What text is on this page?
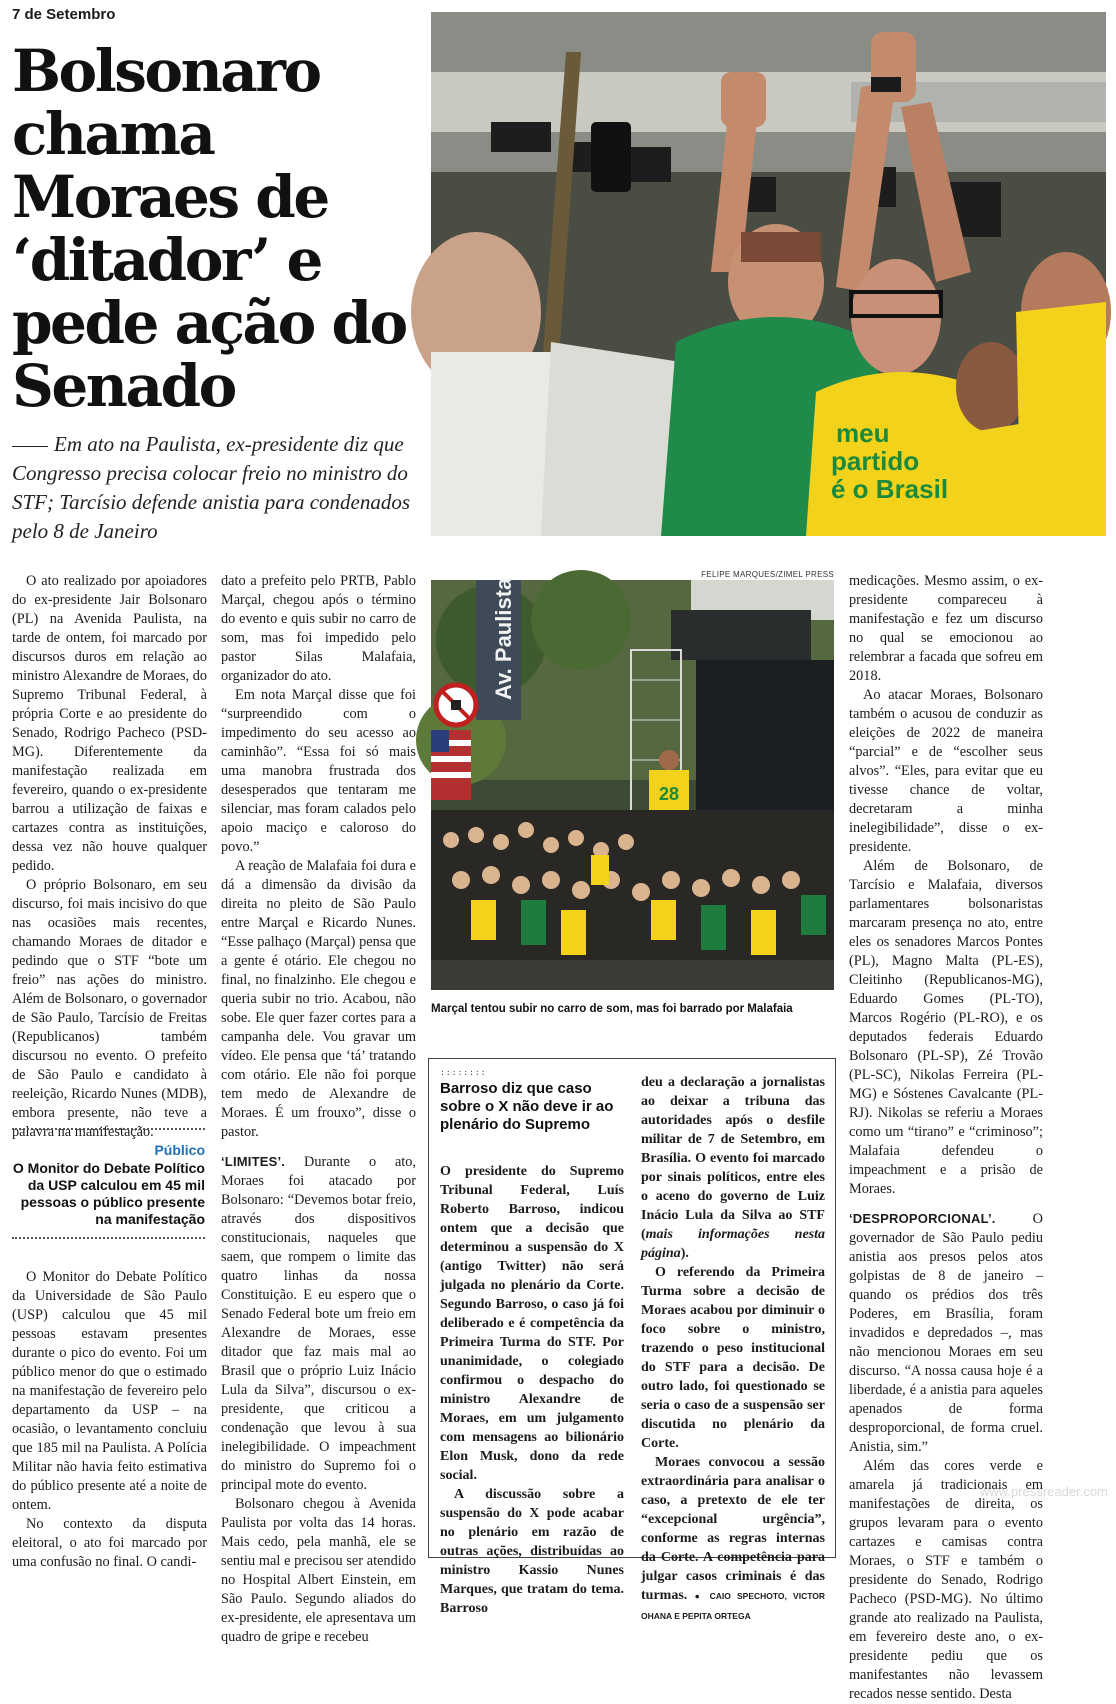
7 de Setembro
Bolsonaro chama Moraes de ‘ditador’ e pede ação do Senado
Em ato na Paulista, ex-presidente diz que Congresso precisa colocar freio no ministro do STF; Tarcísio defende anistia para condenados pelo 8 de Janeiro
meu
partido
é o Brasil
FELIPE MARQUES/ZIMEL PRESS
Av. Paulista
28
Marçal tentou subir no carro de som, mas foi barrado por Malafaia

O ato realizado por apoiadores do ex-presidente Jair Bolsonaro (PL) na Avenida Paulista, na tarde de ontem, foi marcado por discursos duros em relação ao ministro Alexandre de Moraes, do Supremo Tribunal Federal, à própria Corte e ao presidente do Senado, Rodrigo Pacheco (PSD-MG). Diferentemente da manifestação realizada em fevereiro, quando o ex-presidente barrou a utilização de faixas e cartazes contra as instituições, dessa vez não houve qualquer pedido.

O próprio Bolsonaro, em seu discurso, foi mais incisivo do que nas ocasiões mais recentes, chamando Moraes de ditador e pedindo que o STF “bote um freio” nas ações do ministro. Além de Bolsonaro, o governador de São Paulo, Tarcísio de Freitas (Republicanos) também discursou no evento. O prefeito de São Paulo e candidato à reeleição, Ricardo Nunes (MDB), embora presente, não teve a palavra na manifestação.

Público
O Monitor do Debate Político da USP calculou em 45 mil pessoas o público presente na manifestação

O Monitor do Debate Político da Universidade de São Paulo (USP) calculou que 45 mil pessoas estavam presentes durante o pico do evento. Foi um público menor do que o estimado na manifestação de fevereiro pelo departamento da USP – na ocasião, o levantamento concluiu que 185 mil na Paulista. A Polícia Militar não havia feito estimativa do público presente até a noite de ontem.

No contexto da disputa eleitoral, o ato foi marcado por uma confusão no final. O candi-

dato a prefeito pelo PRTB, Pablo Marçal, chegou após o término do evento e quis subir no carro de som, mas foi impedido pelo pastor Silas Malafaia, organizador do ato.

Em nota Marçal disse que foi “surpreendido com o impedimento do seu acesso ao caminhão”. “Essa foi só mais uma manobra frustrada dos desesperados que tentaram me silenciar, mas foram calados pelo apoio maciço e caloroso do povo.”

A reação de Malafaia foi dura e dá a dimensão da divisão da direita no pleito de São Paulo entre Marçal e Ricardo Nunes. “Esse palhaço (Marçal) pensa que a gente é otário. Ele chegou no final, no finalzinho. Ele chegou e queria subir no trio. Acabou, não sobe. Ele quer fazer cortes para a campanha dele. Vou gravar um vídeo. Ele pensa que ‘tá’ tratando com otário. Ele não foi porque tem medo de Alexandre de Moraes. É um frouxo”, disse o pastor.

‘LIMITES’. Durante o ato, Moraes foi atacado por Bolsonaro: “Devemos botar freio, através dos dispositivos constitucionais, naqueles que saem, que rompem o limite das quatro linhas da nossa Constituição. E eu espero que o Senado Federal bote um freio em Alexandre de Moraes, esse ditador que faz mais mal ao Brasil que o próprio Luiz Inácio Lula da Silva”, discursou o ex-presidente, que criticou a condenação que levou à sua inelegibilidade. O impeachment do ministro do Supremo foi o principal mote do evento.

Bolsonaro chegou à Avenida Paulista por volta das 14 horas. Mais cedo, pela manhã, ele se sentiu mal e precisou ser atendido no Hospital Albert Einstein, em São Paulo. Segundo aliados do ex-presidente, ele apresentava um quadro de gripe e recebeu

::::::::
Barroso diz que caso sobre o X não deve ir ao plenário do Supremo

O presidente do Supremo Tribunal Federal, Luís Roberto Barroso, indicou ontem que a decisão que determinou a suspensão do X (antigo Twitter) não será julgada no plenário da Corte. Segundo Barroso, o caso já foi deliberado e é competência da Primeira Turma do STF. Por unanimidade, o colegiado confirmou o despacho do ministro Alexandre de Moraes, em um julgamento com mensagens ao bilionário Elon Musk, dono da rede social.

A discussão sobre a suspensão do X pode acabar no plenário em razão de outras ações, distribuídas ao ministro Kassio Nunes Marques, que tratam do tema. Barroso

deu a declaração a jornalistas ao deixar a tribuna das autoridades após o desfile militar de 7 de Setembro, em Brasília. O evento foi marcado por sinais políticos, entre eles o aceno do governo de Luiz Inácio Lula da Silva ao STF (mais informações nesta página).

O referendo da Primeira Turma sobre a decisão de Moraes acabou por diminuir o foco sobre o ministro, trazendo o peso institucional do STF para a decisão. De outro lado, foi questionado se seria o caso de a suspensão ser discutida no plenário da Corte.

Moraes convocou a sessão extraordinária para analisar o caso, a pretexto de ele ter “excepcional urgência”, conforme as regras internas da Corte. A competência para julgar casos criminais é das turmas. ● CAIO SPECHOTO, VICTOR OHANA E PEPITA ORTEGA

medicações. Mesmo assim, o ex-presidente compareceu à manifestação e fez um discurso no qual se emocionou ao relembrar a facada que sofreu em 2018.

Ao atacar Moraes, Bolsonaro também o acusou de conduzir as eleições de 2022 de maneira “parcial” e de “escolher seus alvos”. “Eles, para evitar que eu tivesse chance de voltar, decretaram a minha inelegibilidade”, disse o ex-presidente.

Além de Bolsonaro, de Tarcísio e Malafaia, diversos parlamentares bolsonaristas marcaram presença no ato, entre eles os senadores Marcos Pontes (PL), Magno Malta (PL-ES), Cleitinho (Republicanos-MG), Eduardo Gomes (PL-TO), Marcos Rogério (PL-RO), e os deputados federais Eduardo Bolsonaro (PL-SP), Zé Trovão (PL-SC), Nikolas Ferreira (PL-MG) e Sóstenes Cavalcante (PL-RJ). Nikolas se referiu a Moraes como um “tirano” e “criminoso”; Malafaia defendeu o impeachment e a prisão de Moraes.

‘DESPROPORCIONAL’.	O governador de São Paulo pediu anistia aos presos pelos atos golpistas de 8 de janeiro – quando os prédios dos três Poderes, em Brasília, foram invadidos e depredados –, mas não mencionou Moraes em seu discurso. “A nossa causa hoje é a liberdade, é a anistia para aqueles apenados de forma desproporcional, de forma cruel. Anistia, sim.”

Além das cores verde e amarela já tradicionais em manifestações de direita, os grupos levaram para o evento cartazes e camisas contra Moraes, o STF e também o presidente do Senado, Rodrigo Pacheco (PSD-MG). No último grande ato realizado na Paulista, em fevereiro deste ano, o ex-presidente pediu que os manifestantes não levassem recados nesse sentido. Desta

www.pressreader.com
